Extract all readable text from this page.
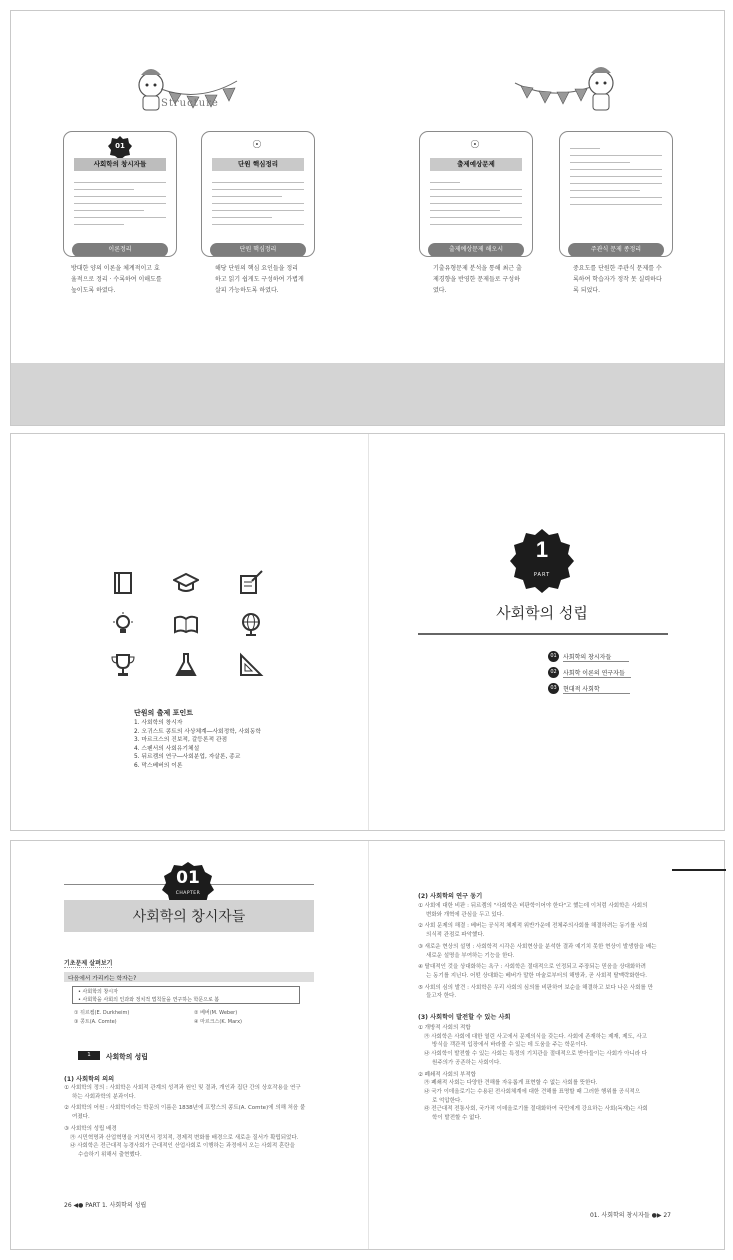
Structure
01
사회학의 창시자들
이론정리
방대한 양의 이론을 체계적이고 효
율적으로 정리 · 수록하여 이해도를
높이도록 하였다.
☉
단원 핵심정리
단원 핵심정리
해당 단원의 핵심 요인들을 정리
하고 읽기 쉽게도 구성하여 가볍게
살피 가능하도록 하였다.
☉
출제예상문제
출제예상문제 해오시
기출유형문제 분석을 통해 최근 출
제경향을 반영한 문제들로 구성하
였다.
주관식 문제 종정리
중요도를 단원한 주관식 문제를 수
록하여 학습자가 정작 못 실력하다
록 되었다.
단원의 출제 포인트
1. 사회학의 창시자
2. 오귀스트 콩트의 사상체계―사회정학, 사회동학
3. 마르크스의 진보적, 갈등론적 관점
4. 스펜서의 사회유기체설
5. 뒤르켐의 연구―사회분업, 자살론, 종교
6. 막스베버의 이론
1
PART
사회학의 성립
01	사회학의 창시자들
02	사회학 이론의 연구자들
03	현대적 사회학
01
CHAPTER
사회학의 창시자들
기초문제 살펴보기
다음에서 가리키는 학자는?
• 사회학의 창시자
• 사회학을 사회의 인과와 정치적 법칙들을 연구하는 학문으로 봄
① 뒤르켐(E. Durkheim)	② 베버(M. Weber)
③ 콩트(A. Comte)	④ 마르크스(K. Marx)
1	사회학의 성립
(1) 사회학의 의의
① 사회학의 정의 : 사회학은 사회적 관계의 성격과 원인 및 결과, 개인과 집단 간의 상호작용을 연구
하는 사회과학의 분과이다.
② 사회학의 어원 : 사회학이라는 학문의 이름은 1838년에 프랑스의 콩트(A. Comte)에 의해 처음 붙
여졌다.
③ 사회학의 성립 배경
㉮ 시민혁명과 산업혁명을 거치면서 정치적, 경제적 변화를 배경으로 새로운 질서가 확립되었다.
㉯ 사회학은 전근대적 농경사회가 근대적인 산업사회로 이행하는 과정에서 오는 사회적 혼란을
수습하기 위해서 출현했다.
26 ◀● PART 1. 사회학의 성립
(2) 사회학의 연구 동기
① 사회에 대한 비판 : 뒤르켐의 "사회학은 비판학이어야 한다"고 했는데 이처럼 사회학은 사회의
변화와 개혁에 관심을 두고 있다.
② 사회 문제의 해결 : 베버는 공식적 체제적 위반가운데 전체주의사회를 해결하려는 동기를 사회
의식적 관점로 파악했다.
③ 새로운 현상의 설명 : 사회학적 시각은 사회현상을 분석한 결과 예기치 못한 현상이 발생함을 배는
새로운 설명을 부여하는 기능을 한다.
④ 탈대적인 것을 상대화하는 욕구 : 사회학은 절대적으로 인정되고 주장되는 믿음을 상대화하려
는 동기를 지닌다. 어떤 상대화는 베버가 말한 마술로부터의 해방과, 곧 사회적 탈맥락화한다.
⑤ 사회의 심의 발견 : 사회학은 우리 사회의 심의를 비판하여 보순을 해결하고 보다 나은 사회를 만
들고자 한다.
(3) 사회학이 발전할 수 있는 사회
① 개방적 사회의 적합
㉮ 사회학은 사회에 대한 열린 사고에서 문제의식을 갖는다. 사회에 존재하는 제재, 제도, 사고
방식을 객관적 입장에서 바라볼 수 있는 데 도움을 주는 학문이다.
㉯ 사회학이 발전할 수 있는 사회는 특정의 기치관을 절대적으로 받아들이는 사회가 아니라 다
원주의가 공존하는 사회이다.
② 폐쇄적 사회의 부적합
㉮ 폐쇄적 사회는 다양한 견해를 자유롭게 표현할 수 없는 사회를 뜻한다.
㉯ 국가 이데올로기는 수용된 전사회체계에 대한 견해를 표명할 때 그러한 행위를 공식적으
로 억압한다.
㉰ 전근대적 전통사회, 국가적 이데올로기를 절대화하여 국민에게 강요하는 사회(독재)는 사회
학이 발전할 수 없다.
01. 사회학의 창시자들 ●▶ 27
